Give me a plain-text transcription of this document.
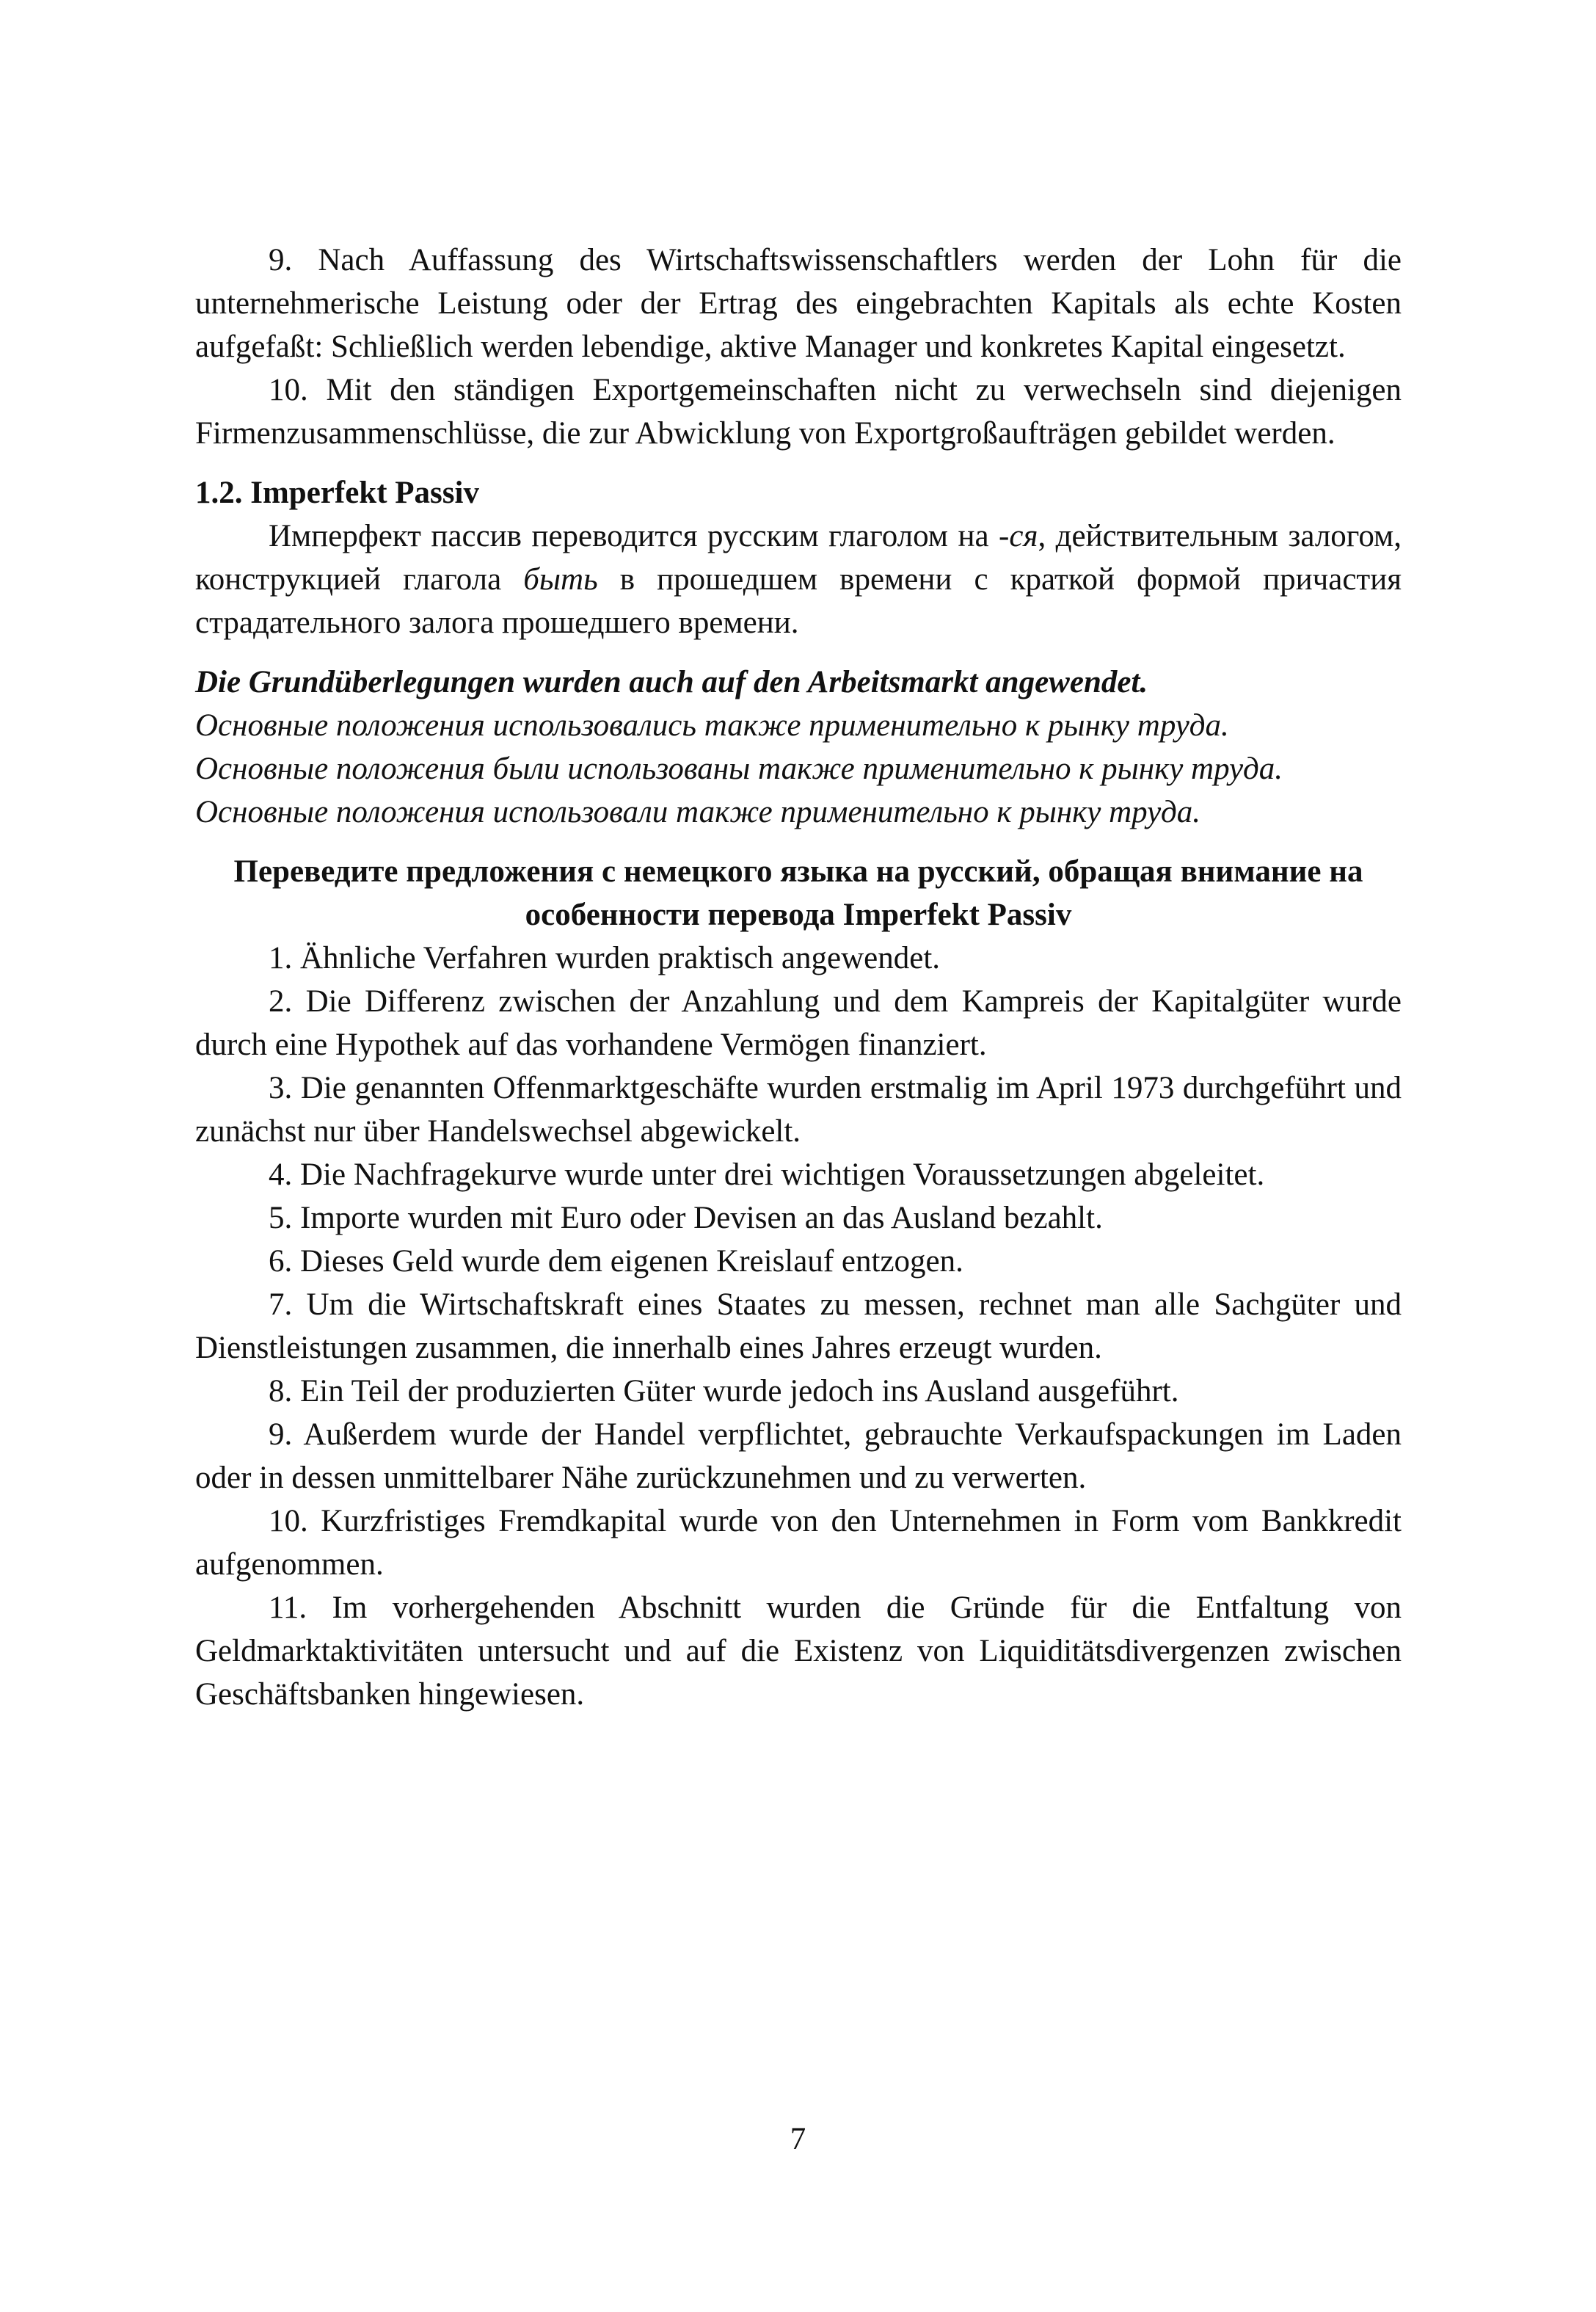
9. Nach Auffassung des Wirtschaftswissenschaftlers werden der Lohn für die unternehmerische Leistung oder der Ertrag des eingebrachten Kapitals als echte Kosten aufgefaßt: Schließlich werden lebendige, aktive Manager und konkretes Kapital eingesetzt.

10. Mit den ständigen Exportgemeinschaften nicht zu verwechseln sind diejenigen Firmenzusammenschlüsse, die zur Abwicklung von Exportgroßaufträgen gebildet werden.

1.2. Imperfekt Passiv

Имперфект пассив переводится русским глаголом на -ся, действительным залогом, конструкцией глагола быть в прошедшем времени с краткой формой причастия страдательного залога прошедшего времени.

Die Grundüberlegungen wurden auch auf den Arbeitsmarkt angewendet.

Основные положения использовались также применительно к рынку труда.

Основные положения были использованы также применительно к рынку труда.

Основные положения использовали также применительно к рынку труда.

Переведите предложения с немецкого языка на русский, обращая внимание на особенности перевода Imperfekt Passiv

1. Ähnliche Verfahren wurden praktisch angewendet.

2. Die Differenz zwischen der Anzahlung und dem Kampreis der Kapitalgüter wurde durch eine Hypothek auf das vorhandene Vermögen finanziert.

3. Die genannten Offenmarktgeschäfte wurden erstmalig im April 1973 durchgeführt und zunächst nur über Handelswechsel abgewickelt.

4. Die Nachfragekurve wurde unter drei wichtigen Voraussetzungen abgeleitet.

5. Importe wurden mit Euro oder Devisen an das Ausland bezahlt.

6. Dieses Geld wurde dem eigenen Kreislauf entzogen.

7. Um die Wirtschaftskraft eines Staates zu messen, rechnet man alle Sachgüter und Dienstleistungen zusammen, die innerhalb eines Jahres erzeugt wurden.

8. Ein Teil der produzierten Güter wurde jedoch ins Ausland ausgeführt.

9. Außerdem wurde der Handel verpflichtet, gebrauchte Verkaufspackungen im Laden oder in dessen unmittelbarer Nähe zurückzunehmen und zu verwerten.

10. Kurzfristiges Fremdkapital wurde von den Unternehmen in Form vom Bankkredit aufgenommen.

11. Im vorhergehenden Abschnitt wurden die Gründe für die Entfaltung von Geldmarktaktivitäten untersucht und auf die Existenz von Liquiditätsdivergenzen zwischen Geschäftsbanken hingewiesen.

7
